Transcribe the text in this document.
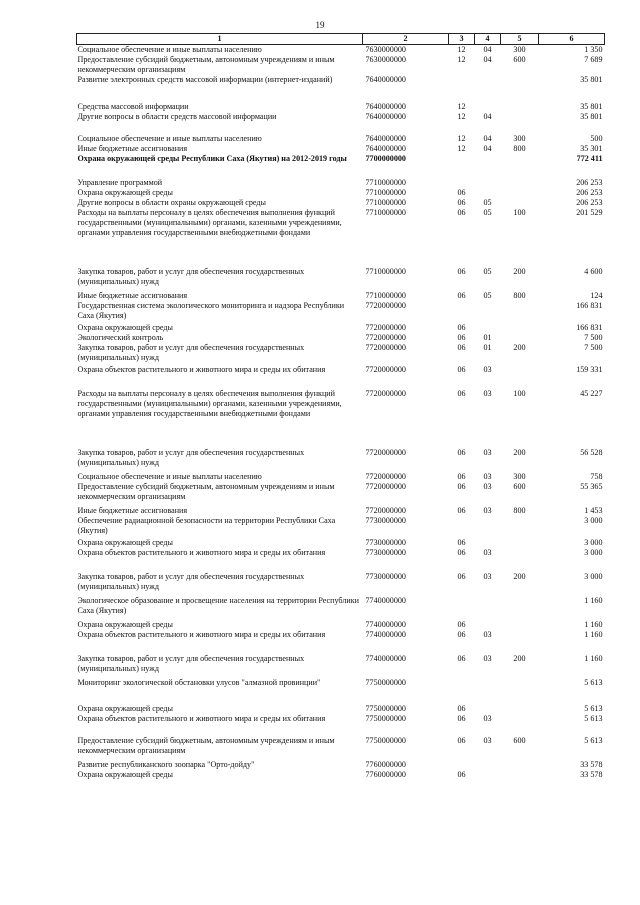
19
1	2	3	4	5	6
Социальное обеспечение и иные выплаты населению	7630000000	12	04	300	1 350
Предоставление субсидий бюджетным, автономным учреждениям и иным некоммерческим организациям	7630000000	12	04	600	7 689
Развитие электронных средств массовой информации (интернет-изданий)	7640000000				35 801
Средства массовой информации	7640000000	12			35 801
Другие вопросы в области средств массовой информации	7640000000	12	04		35 801
Социальное обеспечение и иные выплаты населению	7640000000	12	04	300	500
Иные бюджетные ассигнования	7640000000	12	04	800	35 301
Охрана окружающей среды Республики Саха (Якутия) на 2012-2019 годы	7700000000				772 411
Управление программой	7710000000				206 253
Охрана окружающей среды	7710000000	06			206 253
Другие вопросы в области охраны окружающей среды	7710000000	06	05		206 253
Расходы на выплаты персоналу в целях обеспечения выполнения функций государственными (муниципальными) органами, казенными учреждениями, органами управления государственными внебюджетными фондами	7710000000	06	05	100	201 529
Закупка товаров, работ и услуг для обеспечения государственных (муниципальных) нужд	7710000000	06	05	200	4 600
Иные бюджетные ассигнования	7710000000	06	05	800	124
Государственная система экологического мониторинга и надзора Республики Саха (Якутия)	7720000000				166 831
Охрана окружающей среды	7720000000	06			166 831
Экологический контроль	7720000000	06	01		7 500
Закупка товаров, работ и услуг для обеспечения государственных (муниципальных) нужд	7720000000	06	01	200	7 500
Охрана объектов растительного и животного мира и среды их обитания	7720000000	06	03		159 331
Расходы на выплаты персоналу в целях обеспечения выполнения функций государственными (муниципальными) органами, казенными учреждениями, органами управления государственными внебюджетными фондами	7720000000	06	03	100	45 227
Закупка товаров, работ и услуг для обеспечения государственных (муниципальных) нужд	7720000000	06	03	200	56 528
Социальное обеспечение и иные выплаты населению	7720000000	06	03	300	758
Предоставление субсидий бюджетным, автономным учреждениям и иным некоммерческим организациям	7720000000	06	03	600	55 365
Иные бюджетные ассигнования	7720000000	06	03	800	1 453
Обеспечение радиационной безопасности на территории Республики Саха (Якутия)	7730000000				3 000
Охрана окружающей среды	7730000000	06			3 000
Охрана объектов растительного и животного мира и среды их обитания	7730000000	06	03		3 000
Закупка товаров, работ и услуг для обеспечения государственных (муниципальных) нужд	7730000000	06	03	200	3 000
Экологическое образование и просвещение населения на территории Республики Саха (Якутия)	7740000000				1 160
Охрана окружающей среды	7740000000	06			1 160
Охрана объектов растительного и животного мира и среды их обитания	7740000000	06	03		1 160
Закупка товаров, работ и услуг для обеспечения государственных (муниципальных) нужд	7740000000	06	03	200	1 160
Мониторинг экологической обстановки улусов "алмазной провинции"	7750000000				5 613
Охрана окружающей среды	7750000000	06			5 613
Охрана объектов растительного и животного мира и среды их обитания	7750000000	06	03		5 613
Предоставление субсидий бюджетным, автономным учреждениям и иным некоммерческим организациям	7750000000	06	03	600	5 613
Развитие республиканского зоопарка "Орто-дойду"	7760000000				33 578
Охрана окружающей среды	7760000000	06			33 578
